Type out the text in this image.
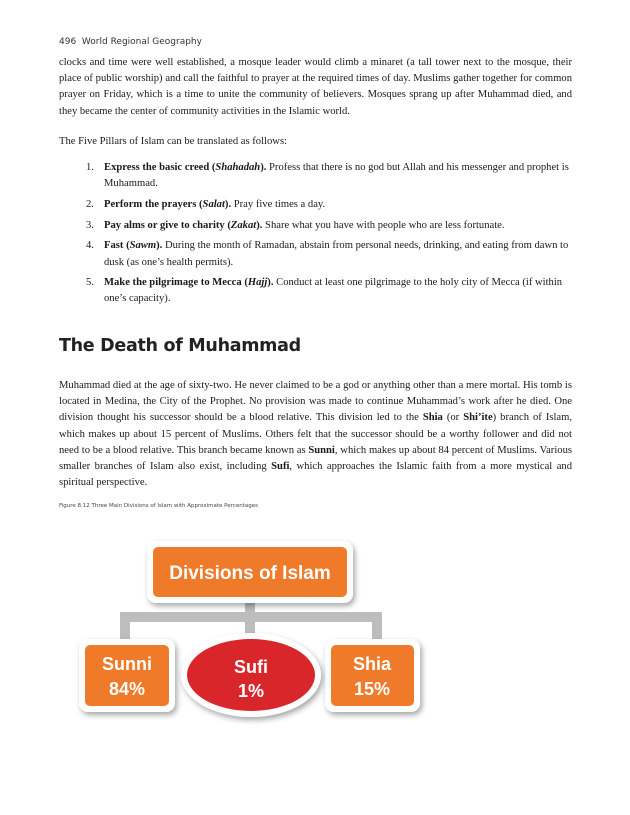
496 World Regional Geography

clocks and time were well established, a mosque leader would climb a minaret (a tall tower next to the mosque, their place of public worship) and call the faithful to prayer at the required times of day. Muslims gather together for common prayer on Friday, which is a time to unite the community of believers. Mosques sprang up after Muhammad died, and they became the center of community activities in the Islamic world.

The Five Pillars of Islam can be translated as follows:

1. Express the basic creed (Shahadah). Profess that there is no god but Allah and his messenger and prophet is Muhammad.
2. Perform the prayers (Salat). Pray five times a day.
3. Pay alms or give to charity (Zakat). Share what you have with people who are less fortunate.
4. Fast (Sawm). During the month of Ramadan, abstain from personal needs, drinking, and eating from dawn to dusk (as one’s health permits).
5. Make the pilgrimage to Mecca (Hajj). Conduct at least one pilgrimage to the holy city of Mecca (if within one’s capacity).
The Death of Muhammad

Muhammad died at the age of sixty-two. He never claimed to be a god or anything other than a mere mortal. His tomb is located in Medina, the City of the Prophet. No provision was made to continue Muhammad’s work after he died. One division thought his successor should be a blood relative. This division led to the Shia (or Shi’ite) branch of Islam, which makes up about 15 percent of Muslims. Others felt that the successor should be a worthy follower and did not need to be a blood relative. This branch became known as Sunni, which makes up about 84 percent of Muslims. Various smaller branches of Islam also exist, including Sufi, which approaches the Islamic faith from a more mystical and spiritual perspective.

Figure 8.12 Three Main Divisions of Islam with Approximate Percentages
Divisions of Islam
Sunni
84%
Shia
15%
Sufi
1%
